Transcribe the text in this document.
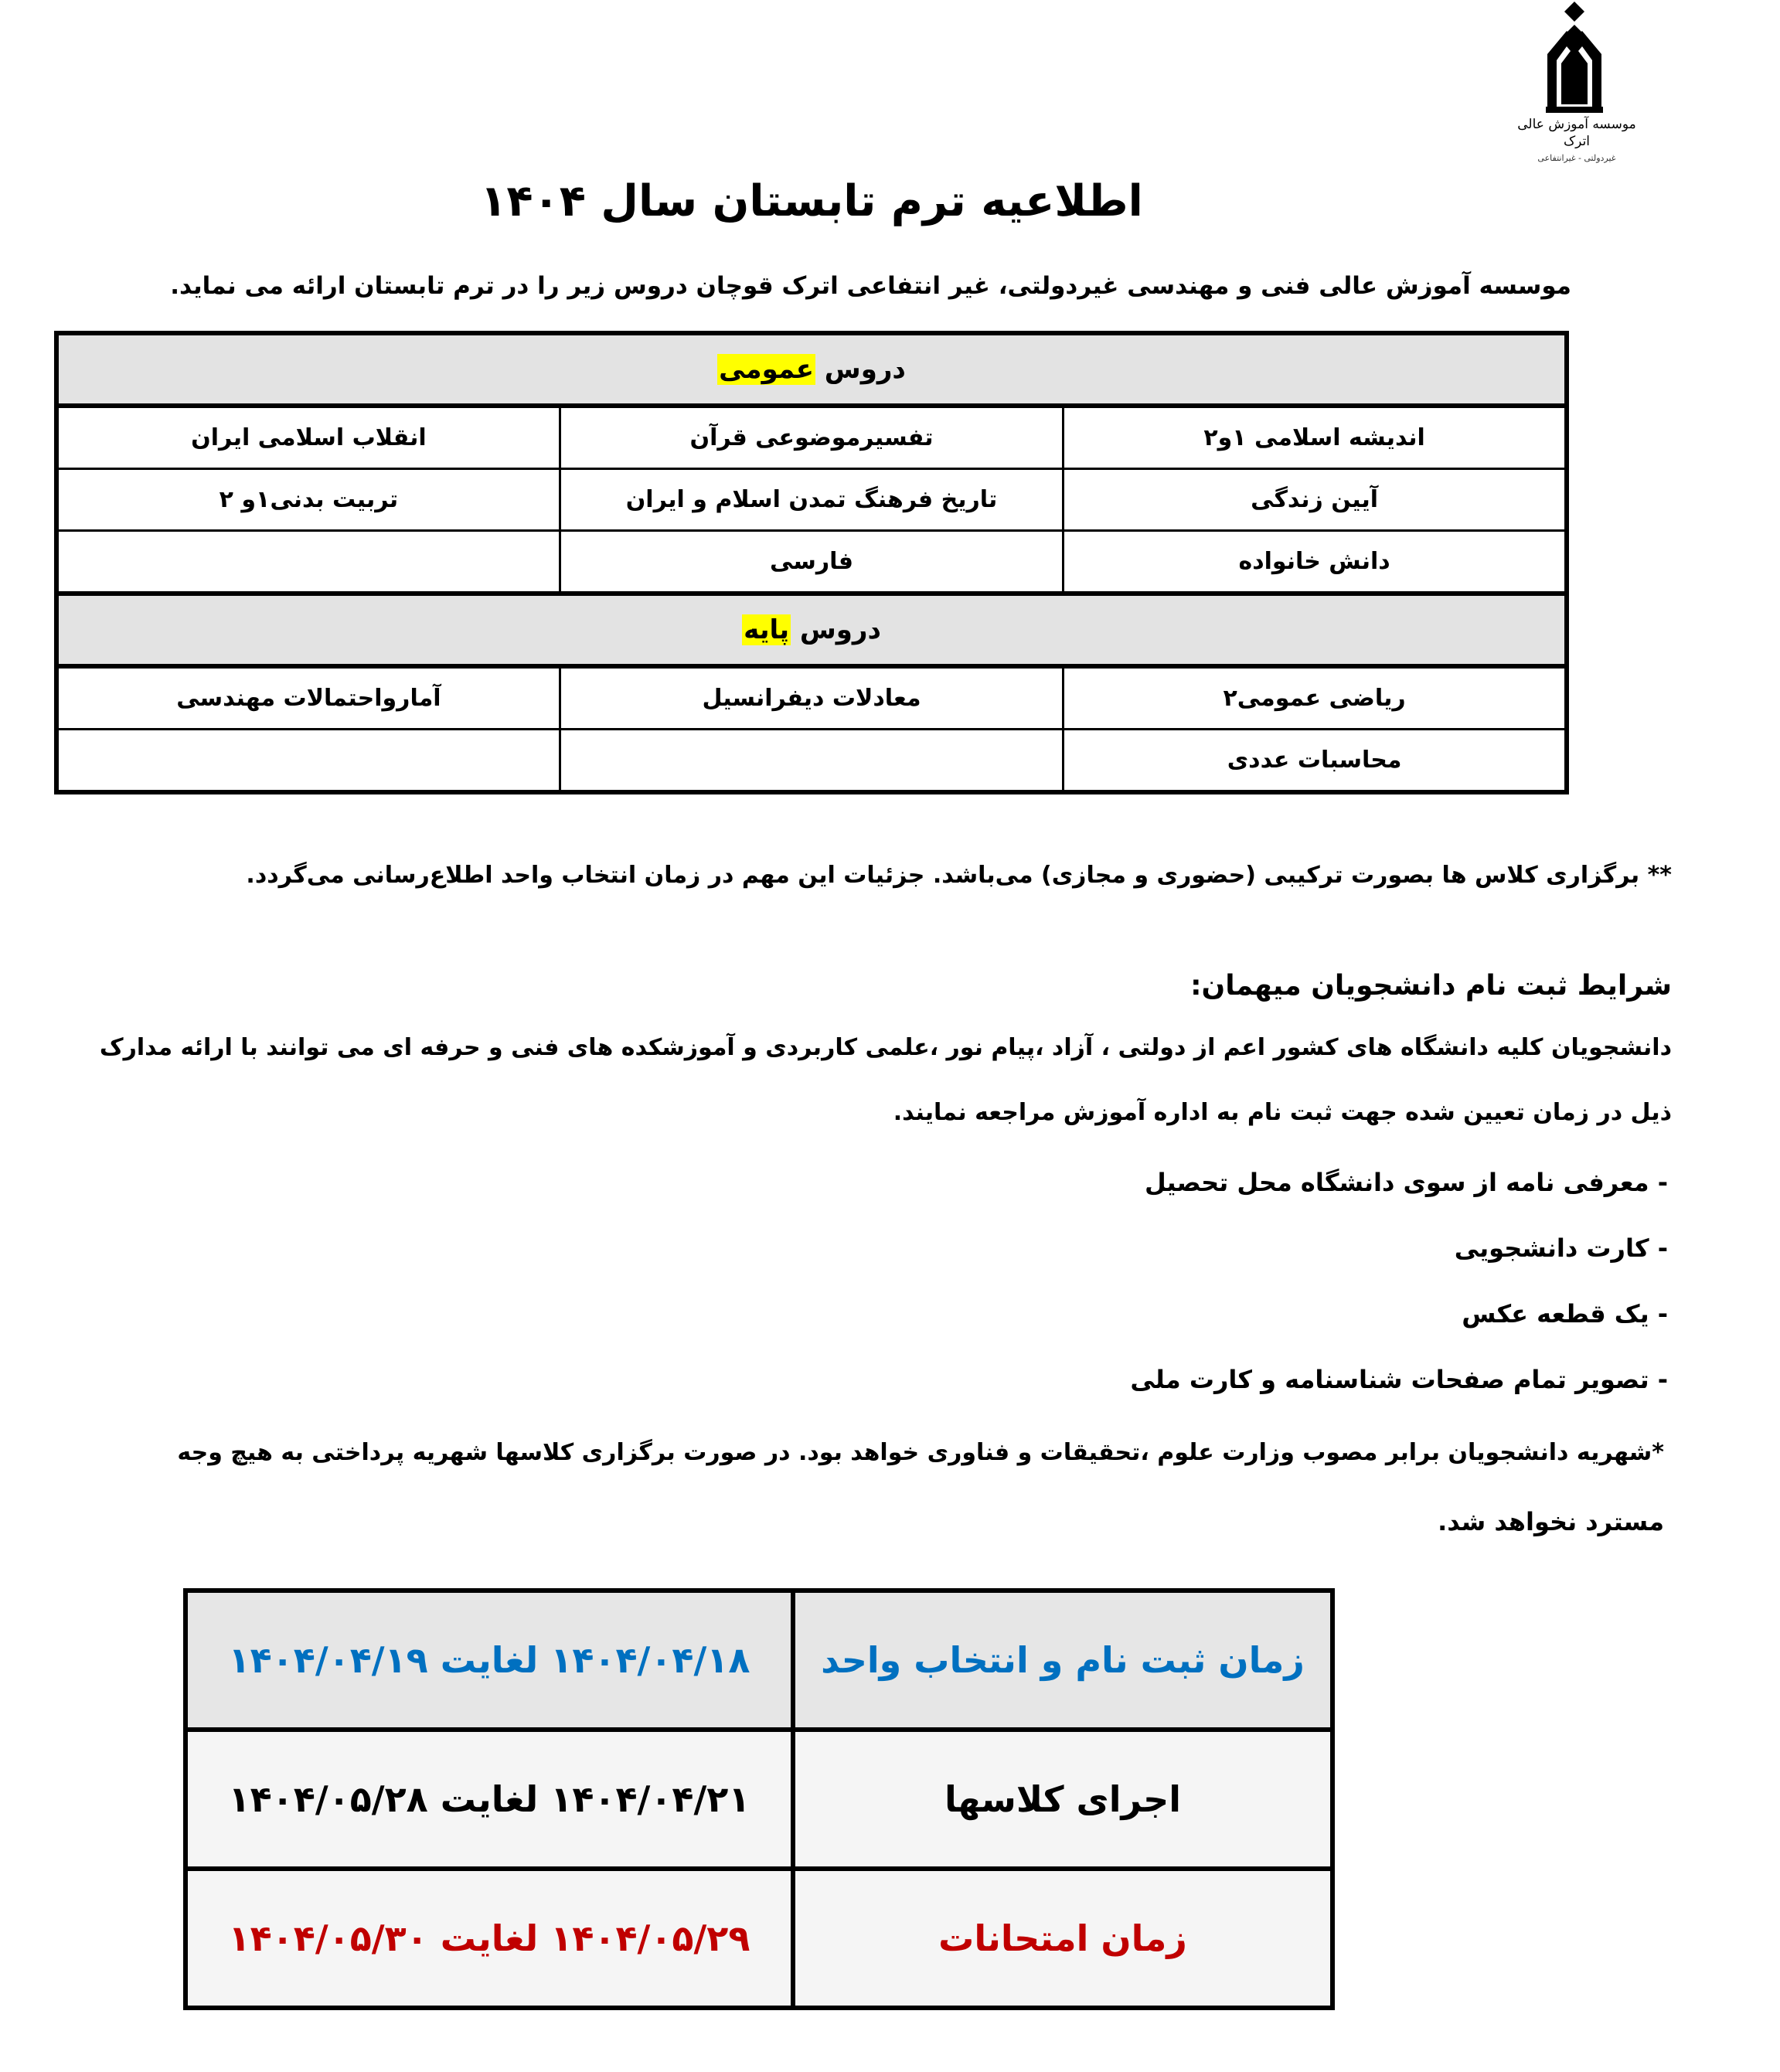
موسسه آموزش عالی اترک
غیردولتی - غیرانتفاعی
اطلاعیه ترم تابستان سال ۱۴۰۴
موسسه آموزش عالی فنی و مهندسی غیردولتی، غیر انتفاعی اترک قوچان دروس زیر را در ترم تابستان ارائه می نماید.
دروس عمومی		
اندیشه اسلامی ۱و۲	تفسیرموضوعی قرآن	انقلاب اسلامی ایران
آیین زندگی	تاریخ فرهنگ تمدن اسلام و ایران	تربیت بدنی۱و ۲
دانش خانواده	فارسی	
دروس پایه		
ریاضی عمومی۲	معادلات دیفرانسیل	آمارواحتمالات مهندسی
محاسبات عددی		
** برگزاری کلاس ها بصورت ترکیبی (حضوری و مجازی) می‌باشد. جزئیات این مهم در زمان انتخاب واحد اطلاع‌رسانی می‌گردد.
شرایط ثبت نام دانشجویان میهمان:
دانشجویان کلیه دانشگاه های کشور اعم از دولتی ، آزاد ،پیام نور ،علمی کاربردی و آموزشکده های فنی و حرفه ای می توانند با ارائه مدارک
ذیل در زمان تعیین شده جهت ثبت نام به اداره آموزش مراجعه نمایند.
- معرفی نامه از سوی دانشگاه محل تحصیل
- کارت دانشجویی
- یک قطعه عکس
- تصویر تمام صفحات شناسنامه و کارت ملی
*شهریه دانشجویان برابر مصوب وزارت علوم ،تحقیقات و فناوری خواهد بود. در صورت برگزاری کلاسها شهریه پرداختی به هیچ وجه
مسترد نخواهد شد.
زمان ثبت نام و انتخاب واحد	۱۴۰۴/۰۴/۱۸ لغایت ۱۴۰۴/۰۴/۱۹
اجرای کلاسها	۱۴۰۴/۰۴/۲۱ لغایت ۱۴۰۴/۰۵/۲۸
زمان امتحانات	۱۴۰۴/۰۵/۲۹ لغایت ۱۴۰۴/۰۵/۳۰
